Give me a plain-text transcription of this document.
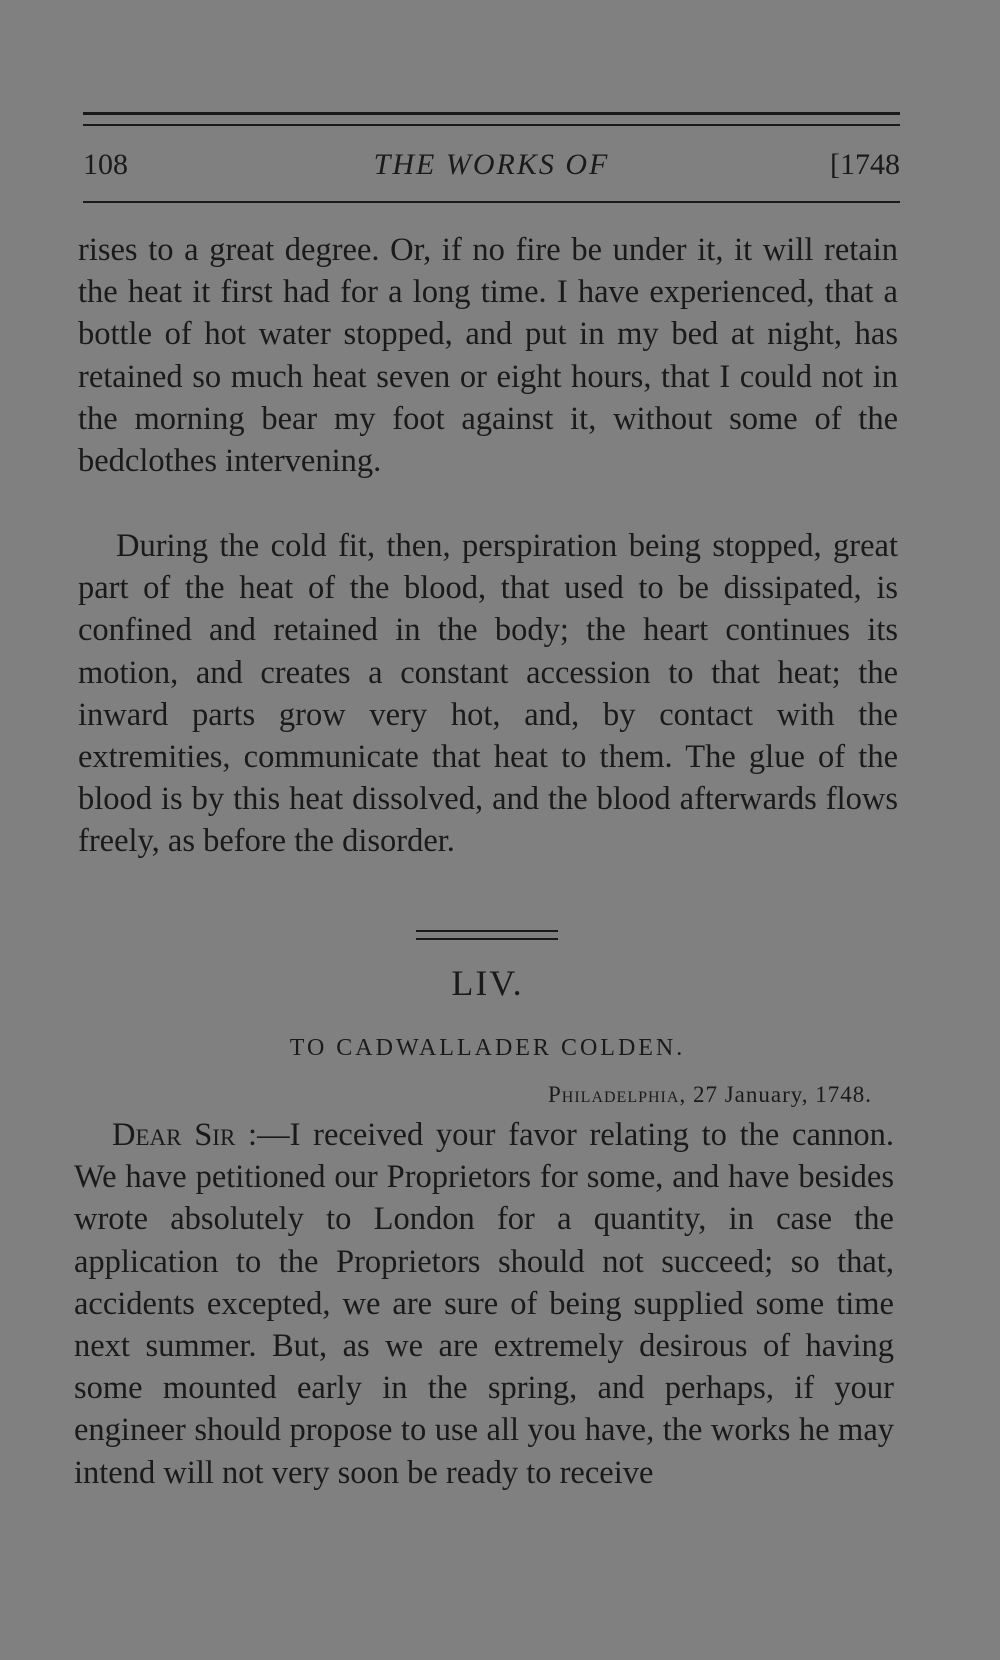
108	THE WORKS OF	[1748

rises to a great degree. Or, if no fire be under it, it will retain the heat it first had for a long time. I have experienced, that a bottle of hot water stopped, and put in my bed at night, has retained so much heat seven or eight hours, that I could not in the morning bear my foot against it, without some of the bedclothes intervening.

During the cold fit, then, perspiration being stopped, great part of the heat of the blood, that used to be dissipated, is confined and retained in the body; the heart continues its motion, and creates a constant accession to that heat; the inward parts grow very hot, and, by contact with the extremities, communicate that heat to them. The glue of the blood is by this heat dissolved, and the blood afterwards flows freely, as before the disorder.

LIV.
TO CADWALLADER COLDEN.
Philadelphia, 27 January, 1748.

Dear Sir :—I received your favor relating to the cannon. We have petitioned our Proprietors for some, and have besides wrote absolutely to London for a quantity, in case the application to the Proprietors should not succeed; so that, accidents excepted, we are sure of being supplied some time next summer. But, as we are extremely desirous of having some mounted early in the spring, and perhaps, if your engineer should propose to use all you have, the works he may intend will not very soon be ready to receive
